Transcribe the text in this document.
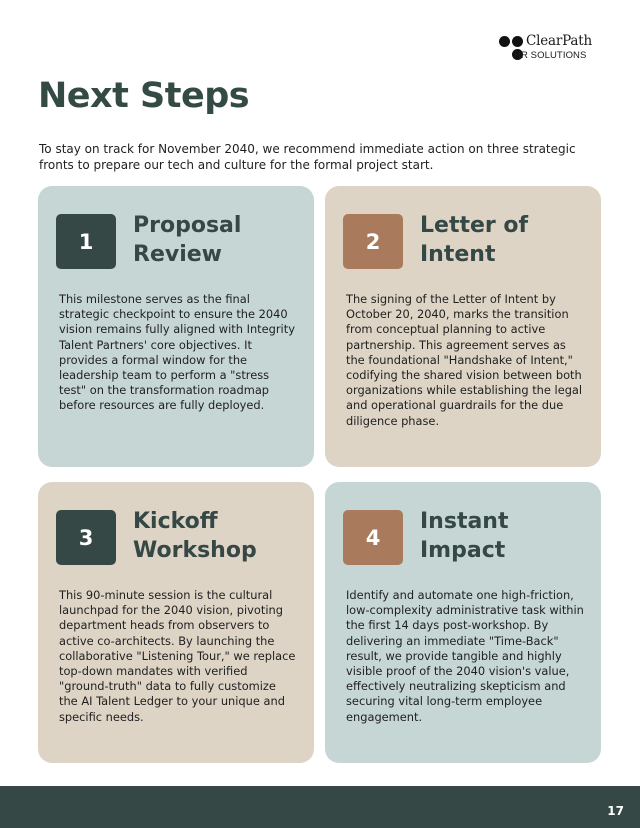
ClearPath
HR SOLUTIONS
Next Steps

To stay on track for November 2040, we recommend immediate action on three strategic fronts to prepare our tech and culture for the formal project start.

1
Proposal Review

This milestone serves as the final strategic checkpoint to ensure the 2040 vision remains fully aligned with Integrity Talent Partners' core objectives. It provides a formal window for the leadership team to perform a "stress test" on the transformation roadmap before resources are fully deployed.

2
Letter of Intent

The signing of the Letter of Intent by October 20, 2040, marks the transition from conceptual planning to active partnership. This agreement serves as the foundational "Handshake of Intent," codifying the shared vision between both organizations while establishing the legal and operational guardrails for the due diligence phase.

3
Kickoff Workshop

This 90-minute session is the cultural launchpad for the 2040 vision, pivoting department heads from observers to active co-architects. By launching the collaborative "Listening Tour," we replace top-down mandates with verified "ground-truth" data to fully customize the AI Talent Ledger to your unique and specific needs.

4
Instant Impact

Identify and automate one high-friction, low-complexity administrative task within the first 14 days post-workshop. By delivering an immediate "Time-Back" result, we provide tangible and highly visible proof of the 2040 vision's value, effectively neutralizing skepticism and securing vital long-term employee engagement.

17
